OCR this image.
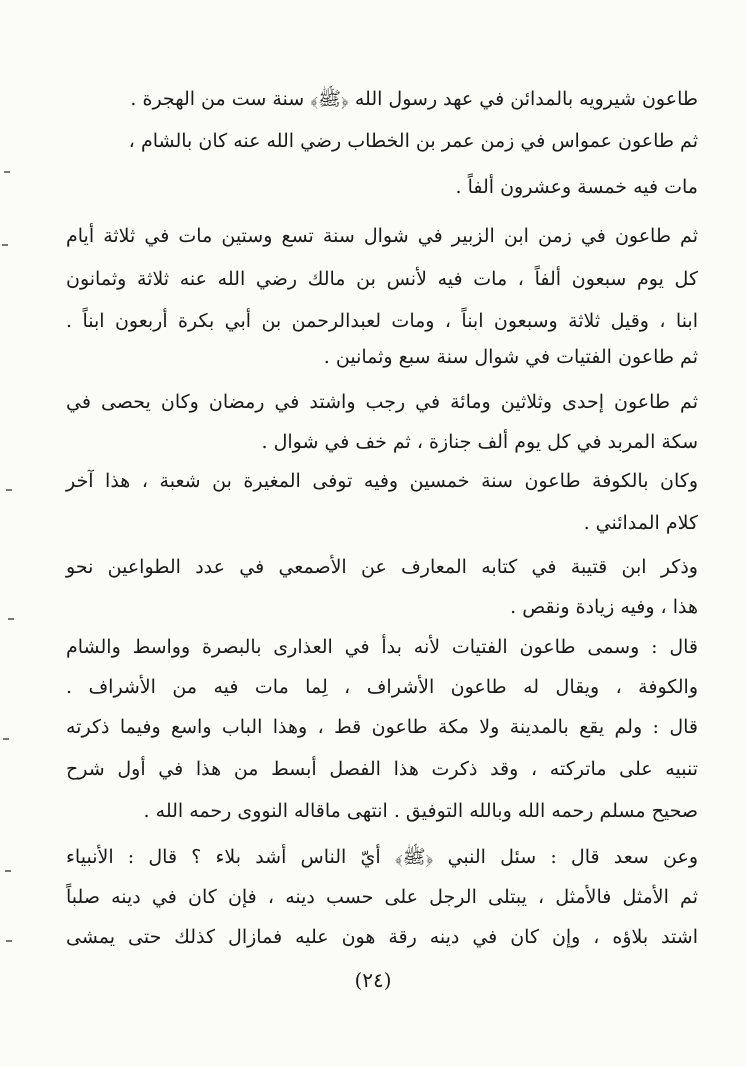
طاعون شيرويه بالمدائن في عهد رسول الله ﴿ﷺ﴾ سنة ست من الهجرة .
ثم طاعون عمواس في زمن عمر بن الخطاب رضي الله عنه كان بالشام ،
مات فيه خمسة وعشرون ألفاً .
ثم طاعون في زمن ابن الزبير في شوال سنة تسع وستين مات في ثلاثة أيام
كل يوم سبعون ألفاً ، مات فيه لأنس بن مالك رضي الله عنه ثلاثة وثمانون
ابنا ، وقيل ثلاثة وسبعون ابناً ، ومات لعبدالرحمن بن أبي بكرة أربعون ابناً .
ثم طاعون الفتيات في شوال سنة سبع وثمانين .
ثم طاعون إحدى وثلاثين ومائة في رجب واشتد في رمضان وكان يحصى في
سكة المربد في كل يوم ألف جنازة ، ثم خف في شوال .
وكان بالكوفة طاعون سنة خمسين وفيه توفى المغيرة بن شعبة ، هذا آخر
كلام المدائني .
وذكر ابن قتيبة في كتابه المعارف عن الأصمعي في عدد الطواعين نحو
هذا ، وفيه زيادة ونقص .
قال : وسمى طاعون الفتيات لأنه بدأ في العذارى بالبصرة وواسط والشام
والكوفة ، ويقال له طاعون الأشراف ، لِما مات فيه من الأشراف .
قال : ولم يقع بالمدينة ولا مكة طاعون قط ، وهذا الباب واسع وفيما ذكرته
تنبيه على ماتركته ، وقد ذكرت هذا الفصل أبسط من هذا في أول شرح
صحيح مسلم رحمه الله وبالله التوفيق . انتهى ماقاله النووى رحمه الله .
وعن سعد قال : سئل النبي ﴿ﷺ﴾ أيّ الناس أشد بلاء ؟ قال : الأنبياء
ثم الأمثل فالأمثل ، يبتلى الرجل على حسب دينه ، فإن كان في دينه صلباً
اشتد بلاؤه ، وإن كان في دينه رقة هون عليه فمازال كذلك حتى يمشى
(٢٤)
